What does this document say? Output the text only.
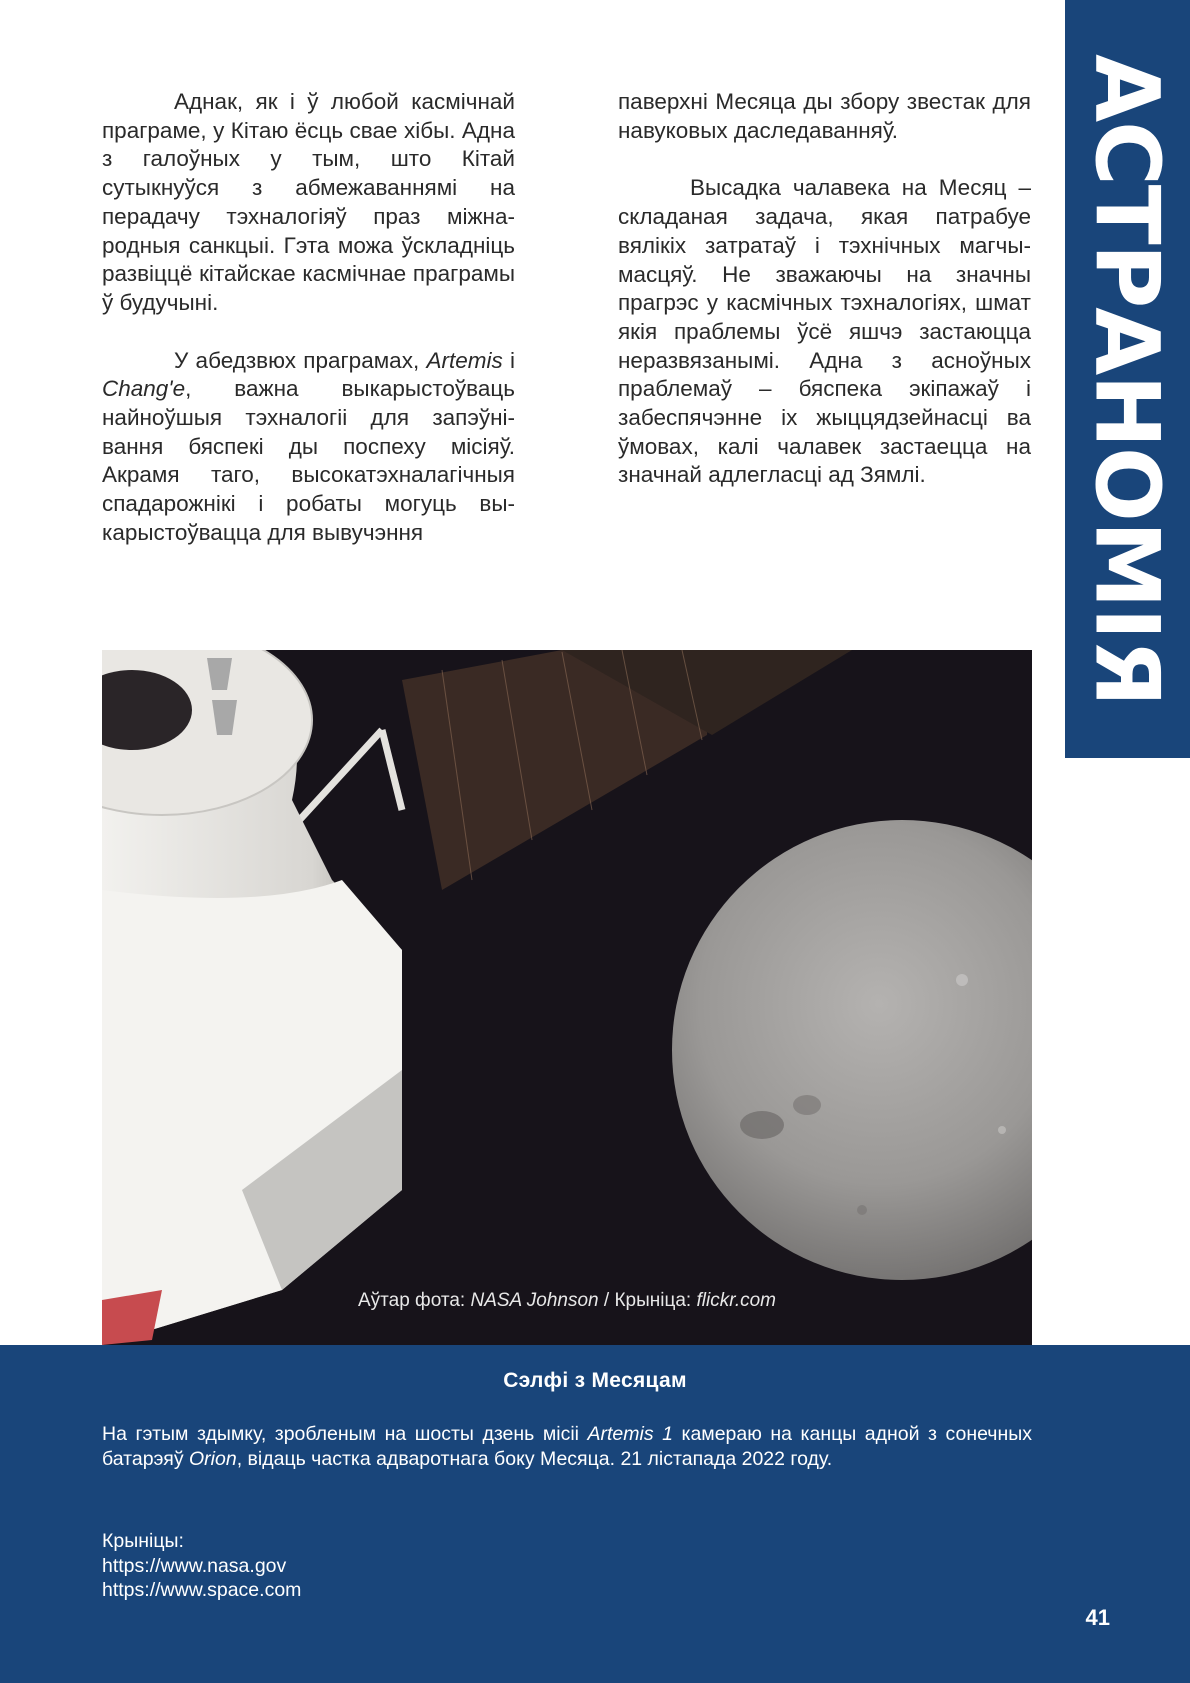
АСТРАНОМІЯ

Аднак, як і ў любой касмічнай праграме, у Кітаю ёсць свае хібы. Адна з галоўных у тым, што Кітай сутыкнуўся з абмежаваннямі на перадачу тэхналогіяў праз міжнародныя санкцыі. Гэта можа ўскладніць развіццё кітайскае касмічнае праграмы ў будучыні.

У абедзвюх праграмах, Artemis і Chang'e, важна выкарыстоўваць найноўшыя тэхналогіі для запэўнівання бяспекі ды поспеху місіяў. Акрамя таго, высокатэхналагічныя спадарожнікі і робаты могуць выкарыстоўвацца для вывучэння

паверхні Месяца ды збору звестак для навуковых даследаванняў.

Высадка чалавека на Месяц – складаная задача, якая патрабуе вялікіх затратаў і тэхнічных магчымасцяў. Не зважаючы на значны прагрэс у касмічных тэхналогіях, шмат якія праблемы ўсё яшчэ застаюцца неразвязанымі. Адна з асноўных праблемаў – бяспека экіпажаў і забеспячэнне іх жыццядзейнасці ва ўмовах, калі чалавек застаецца на значнай адлегласці ад Зямлі.

Аўтар фота: NASA Johnson / Крыніца: flickr.com
Сэлфі з Месяцам
На гэтым здымку, зробленым на шосты дзень місіі Artemis 1 камераю на канцы адной з сонечных батарэяў Orion, відаць частка адваротнага боку Месяца. 21 лістапада 2022 году.
Крыніцы:
https://www.nasa.gov
https://www.space.com
41
